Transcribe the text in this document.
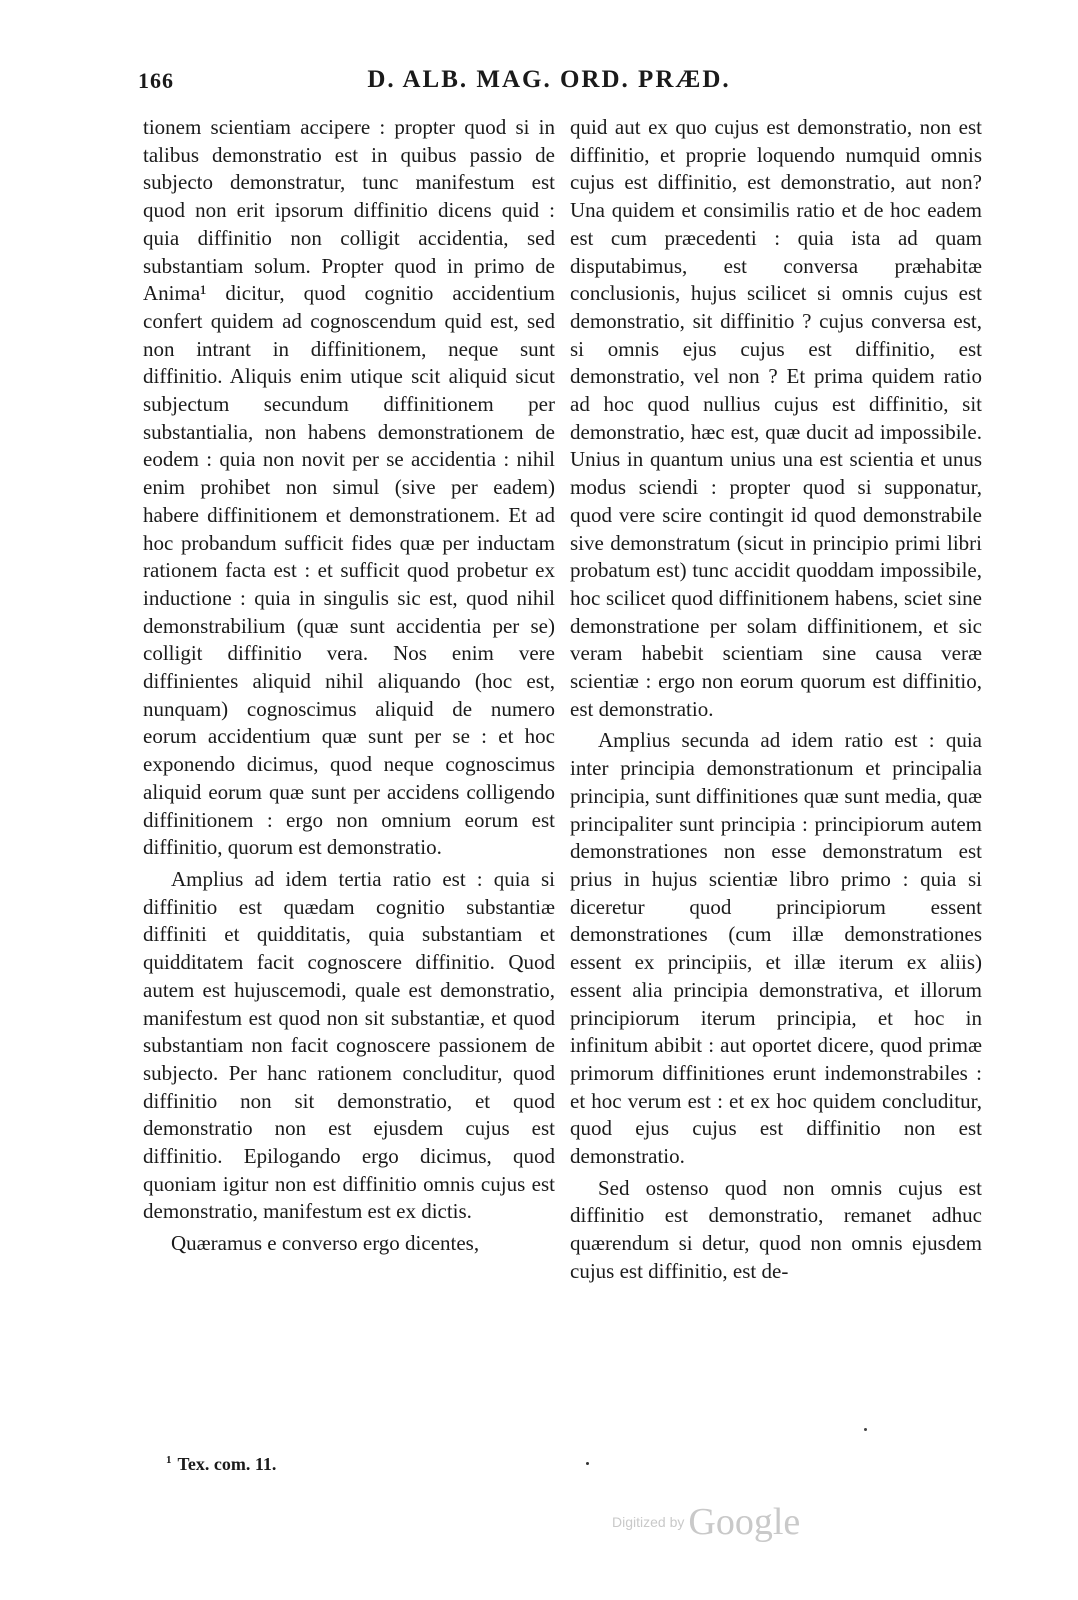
166	D. ALB. MAG. ORD. PRÆD.

tionem scientiam accipere : propter quod si in talibus demonstratio est in quibus passio de subjecto demonstratur, tunc manifestum est quod non erit ipsorum diffinitio dicens quid : quia diffinitio non colligit accidentia, sed substantiam solum. Propter quod in primo de Anima¹ dicitur, quod cognitio accidentium confert quidem ad cognoscendum quid est, sed non intrant in diffinitionem, neque sunt diffinitio. Aliquis enim utique scit aliquid sicut subjectum secundum diffinitionem per substantialia, non habens demonstrationem de eodem : quia non novit per se accidentia : nihil enim prohibet non simul (sive per eadem) habere diffinitionem et demonstrationem. Et ad hoc probandum sufficit fides quæ per inductam rationem facta est : et sufficit quod probetur ex inductione : quia in singulis sic est, quod nihil demonstrabilium (quæ sunt accidentia per se) colligit diffinitio vera. Nos enim vere diffinientes aliquid nihil aliquando (hoc est, nunquam) cognoscimus aliquid de numero eorum accidentium quæ sunt per se : et hoc exponendo dicimus, quod neque cognoscimus aliquid eorum quæ sunt per accidens colligendo diffinitionem : ergo non omnium eorum est diffinitio, quorum est demonstratio.

Amplius ad idem tertia ratio est : quia si diffinitio est quædam cognitio substantiæ diffiniti et quidditatis, quia substantiam et quidditatem facit cognoscere diffinitio. Quod autem est hujuscemodi, quale est demonstratio, manifestum est quod non sit substantiæ, et quod substantiam non facit cognoscere passionem de subjecto. Per hanc rationem concluditur, quod diffinitio non sit demonstratio, et quod demonstratio non est ejusdem cujus est diffinitio. Epilogando ergo dicimus, quod quoniam igitur non est diffinitio omnis cujus est demonstratio, manifestum est ex dictis.

Quæramus e converso ergo dicentes,

quid aut ex quo cujus est demonstratio, non est diffinitio, et proprie loquendo numquid omnis cujus est diffinitio, est demonstratio, aut non? Una quidem et consimilis ratio et de hoc eadem est cum præcedenti : quia ista ad quam disputabimus, est conversa præhabitæ conclusionis, hujus scilicet si omnis cujus est demonstratio, sit diffinitio ? cujus conversa est, si omnis ejus cujus est diffinitio, est demonstratio, vel non ? Et prima quidem ratio ad hoc quod nullius cujus est diffinitio, sit demonstratio, hæc est, quæ ducit ad impossibile. Unius in quantum unius una est scientia et unus modus sciendi : propter quod si supponatur, quod vere scire contingit id quod demonstrabile sive demonstratum (sicut in principio primi libri probatum est) tunc accidit quoddam impossibile, hoc scilicet quod diffinitionem habens, sciet sine demonstratione per solam diffinitionem, et sic veram habebit scientiam sine causa veræ scientiæ : ergo non eorum quorum est diffinitio, est demonstratio.

Amplius secunda ad idem ratio est : quia inter principia demonstrationum et principalia principia, sunt diffinitiones quæ sunt media, quæ principaliter sunt principia : principiorum autem demonstrationes non esse demonstratum est prius in hujus scientiæ libro primo : quia si diceretur quod principiorum essent demonstrationes (cum illæ demonstrationes essent ex principiis, et illæ iterum ex aliis) essent alia principia demonstrativa, et illorum principiorum iterum principia, et hoc in infinitum abibit : aut oportet dicere, quod primæ primorum diffinitiones erunt indemonstrabiles : et hoc verum est : et ex hoc quidem concluditur, quod ejus cujus est diffinitio non est demonstratio.

Sed ostenso quod non omnis cujus est diffinitio est demonstratio, remanet adhuc quærendum si detur, quod non omnis ejusdem cujus est diffinitio, est de-

$^1$ Tex. com. 11.
Digitized by Google
